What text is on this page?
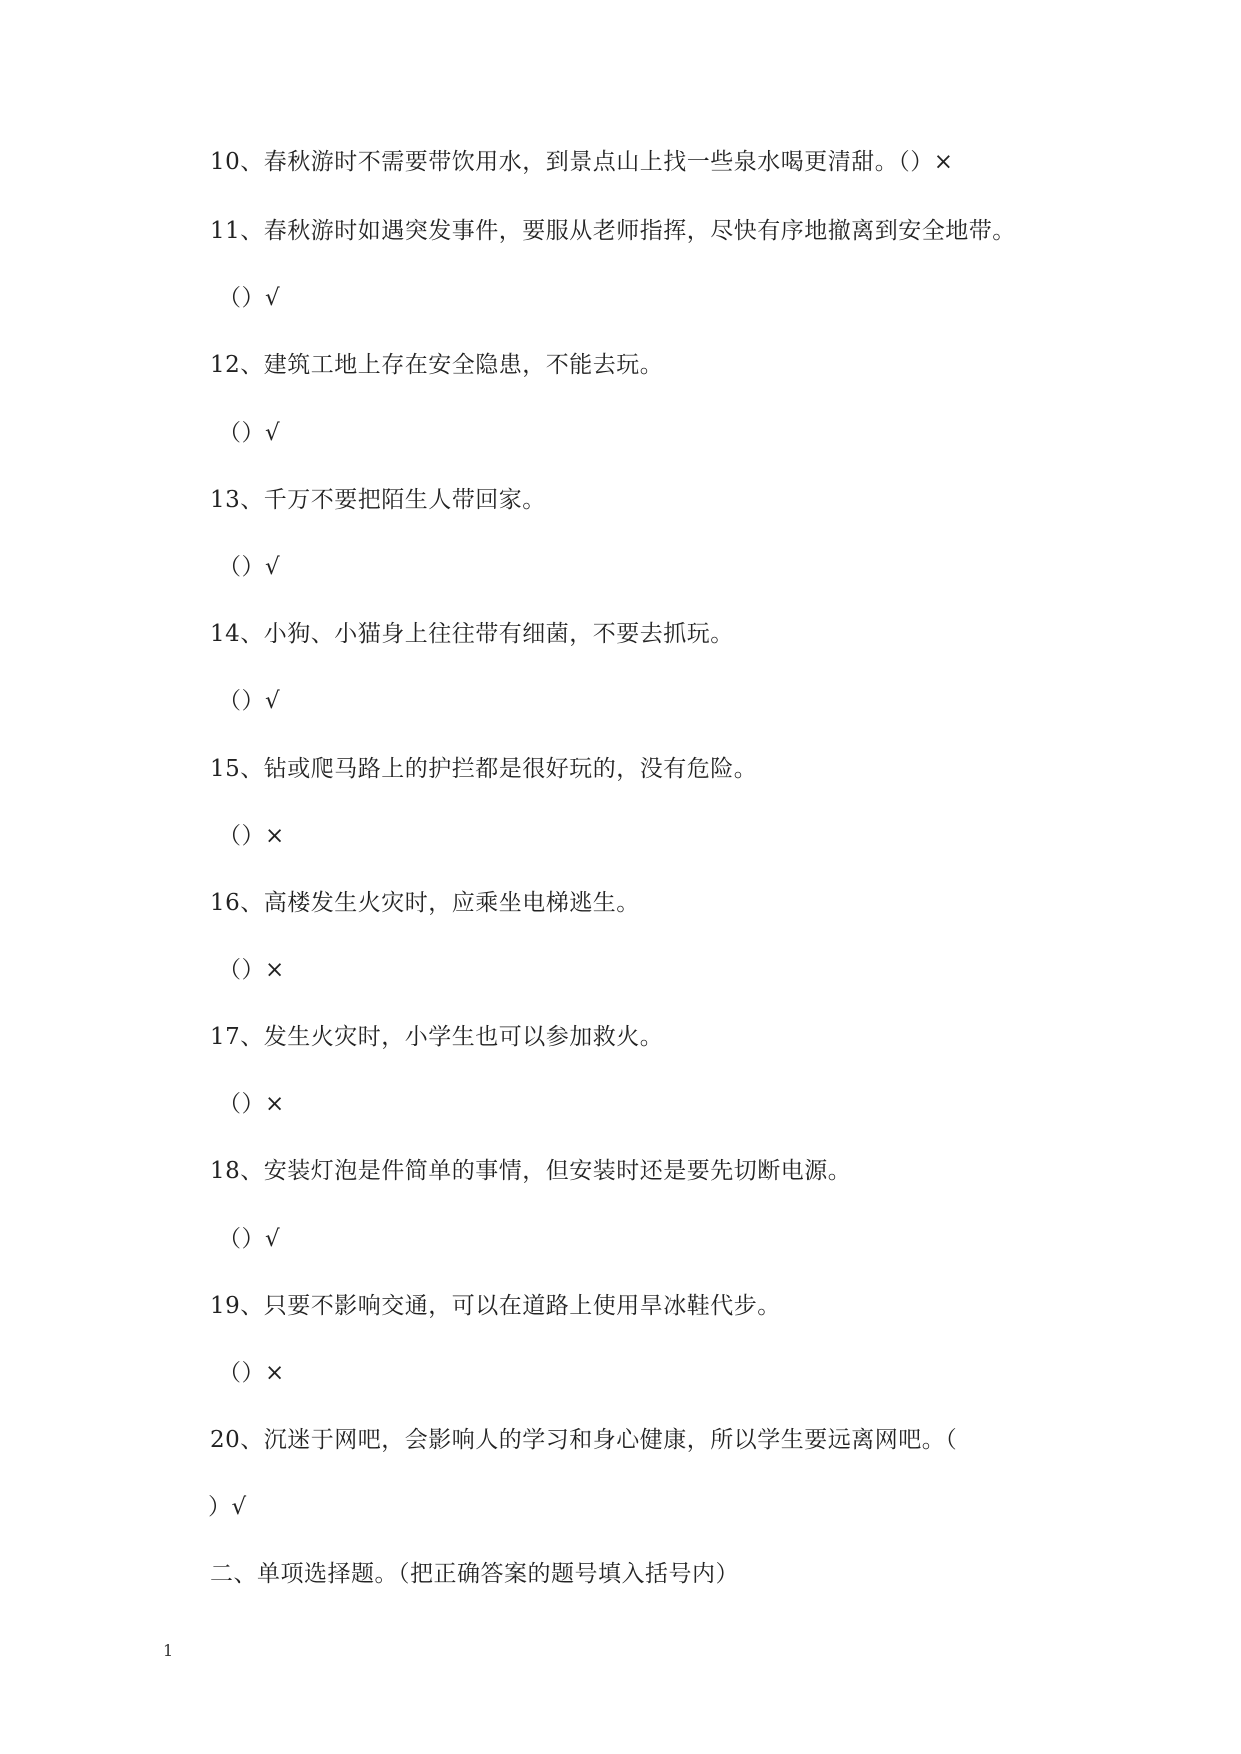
10、春秋游时不需要带饮用水，到景点山上找一些泉水喝更清甜。（）×
11、春秋游时如遇突发事件，要服从老师指挥，尽快有序地撤离到安全地带。
（）√
12、建筑工地上存在安全隐患，不能去玩。
（）√
13、千万不要把陌生人带回家。
（）√
14、小狗、小猫身上往往带有细菌，不要去抓玩。
（）√
15、钻或爬马路上的护拦都是很好玩的，没有危险。
（）×
16、高楼发生火灾时，应乘坐电梯逃生。
（）×
17、发生火灾时，小学生也可以参加救火。
（）×
18、安装灯泡是件简单的事情，但安装时还是要先切断电源。
（）√
19、只要不影响交通，可以在道路上使用旱冰鞋代步。
（）×
20、沉迷于网吧，会影响人的学习和身心健康，所以学生要远离网吧。（
）√
二、单项选择题。（把正确答案的题号填入括号内）
1
